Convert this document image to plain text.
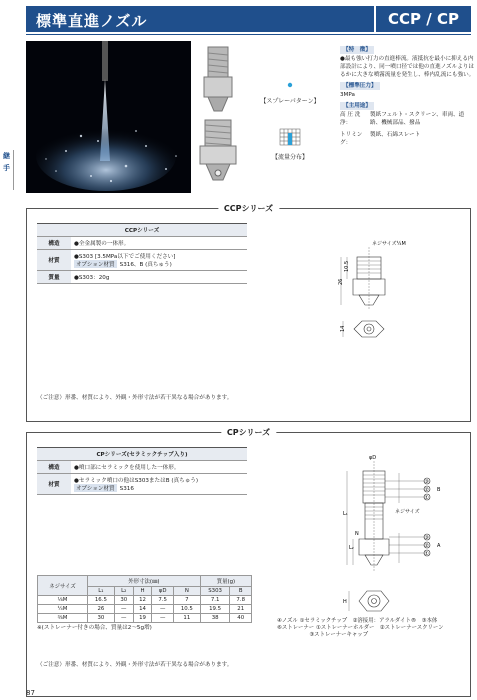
標準直進ノズル	CCP / CP
継
手
【スプレーパターン】
【流量分布】
【特　徴】
●最も強い打力の直進棒流。液抵抗を最小に抑える内部設計により、同一噴口径では他の直進ノズルよりはるかに大きな噴霧流量を発生し、棒内乱流にも強い。
【標準圧力】
3MPa
【主用途】
高 圧 洗 浄：
製紙フェルト・スクリーン、車両、道路、機械部品、撥品
トリミング：
製紙、石綿スレート
CCPシリーズ
CCPシリーズ	
構造	●全金属製の一体形。
材質	●S303 [3.5MPa以下でご使用ください]
オプション材質 S316、B (真ちゅう)

質量	●S303：20g
ネジサイズ¼M
10.5
26
14
（ご注意）形番、材質により、外観・外形寸法が若干異なる場合があります。
CPシリーズ
CPシリーズ(セラミックチップ入り)	
構造	●噴口部にセラミックを使用した一体形。
材質	●セラミック噴口の他はS303またはB (真ちゅう)
オプション材質 S316
ネジサイズ	外形寸法(㎜)					質量(g)	
	L₁	L₂	H	φD	N	S303	B
⅛M	16.5	30	12	7.5	7	7.1	7.8
¼M	26	—	14	—	10.5	19.5	21
⅜M	30	—	19	—	11	38	40
※(ストレーナー付きの場合、質量は2〜5g増)
φD
ネジサイズ
L₁
L₂
N
H
B
A
③
②
①
③
②
①
④ノズル ①セラミックチップ　②溶接用：アラルダイト®　③本体
⑥ストレーナー ①ストレーナーホルダー　②ストレーナースクリーン
　　　　　　③ストレーナーキャップ
（ご注意）形番、材質により、外観・外形寸法が若干異なる場合があります。
87
